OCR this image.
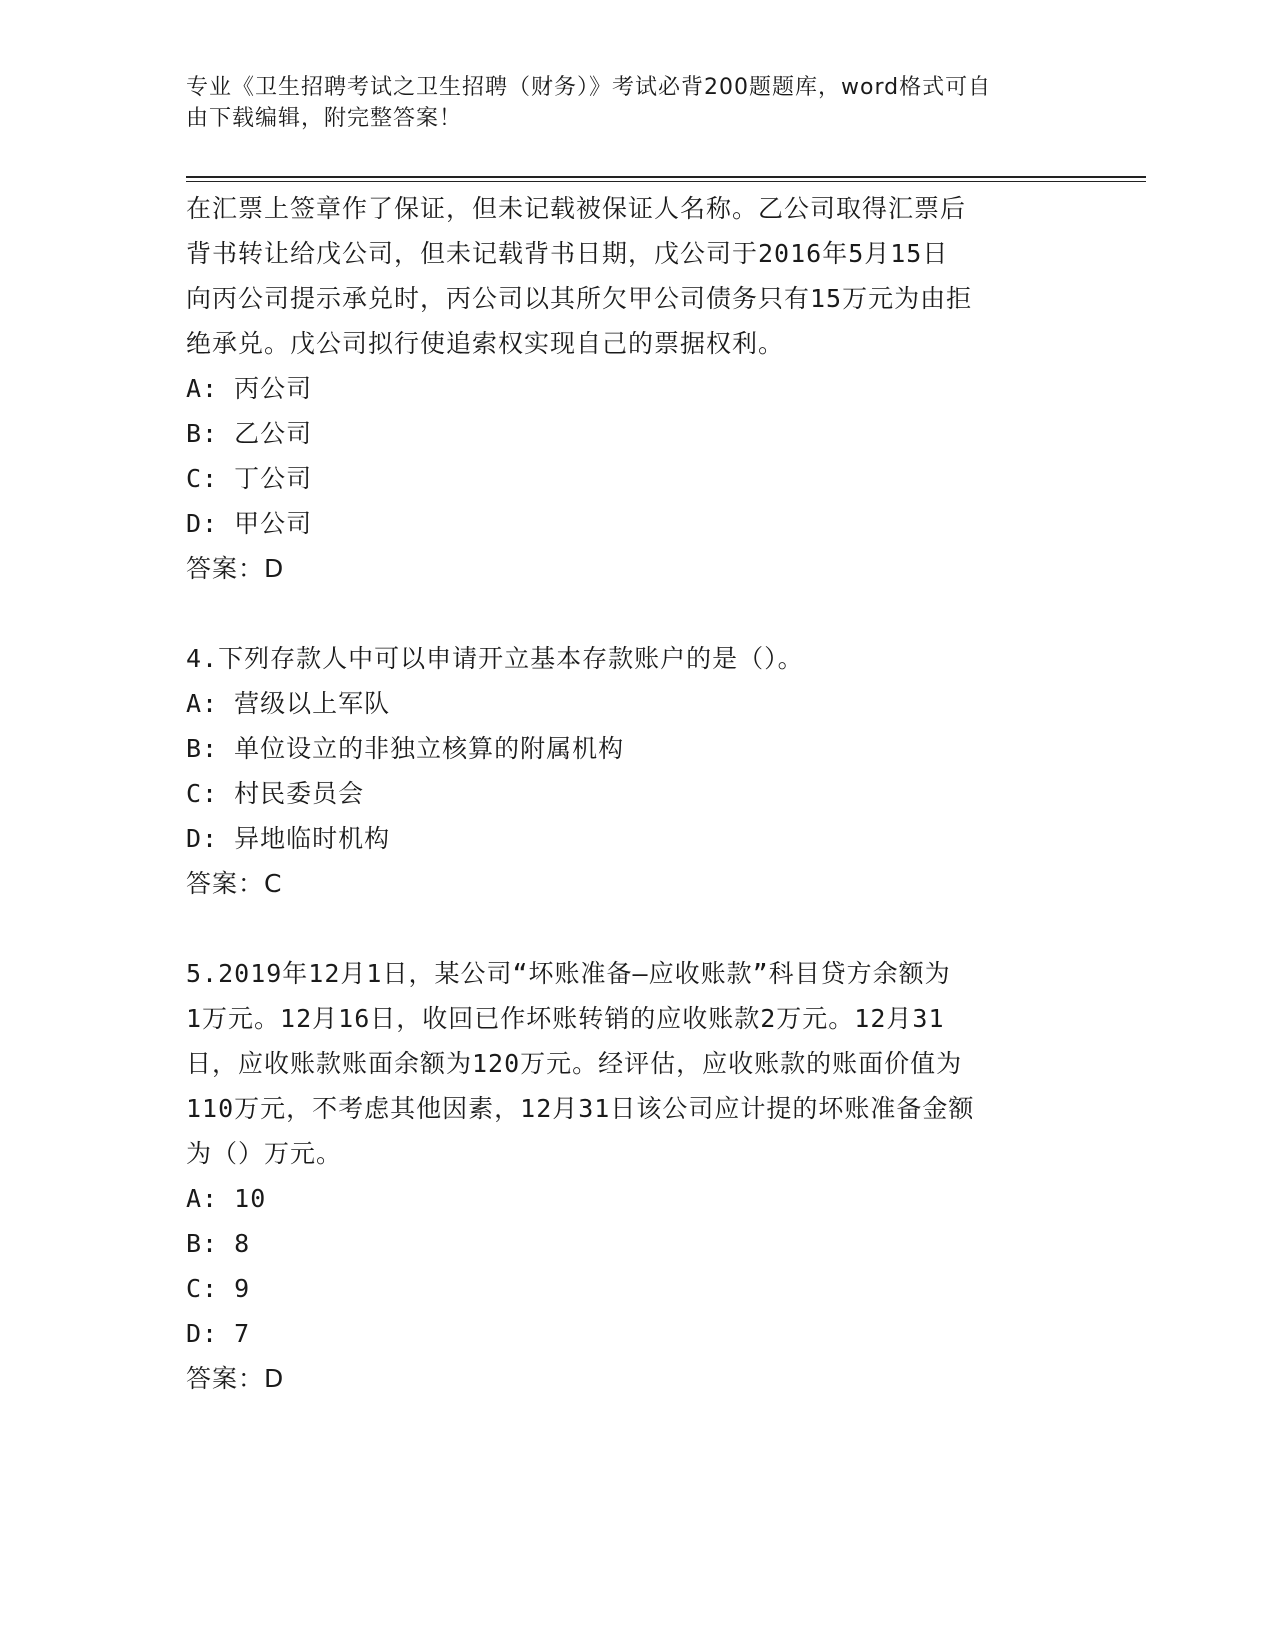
专业《卫生招聘考试之卫生招聘（财务）》考试必背200题题库，word格式可自
由下载编辑，附完整答案！
在汇票上签章作了保证，但未记载被保证人名称。乙公司取得汇票后
背书转让给戊公司，但未记载背书日期，戊公司于2016年5月15日
向丙公司提示承兑时，丙公司以其所欠甲公司债务只有15万元为由拒
绝承兑。戊公司拟行使追索权实现自己的票据权利。
A: 丙公司
B: 乙公司
C: 丁公司
D: 甲公司
答案：D
4.下列存款人中可以申请开立基本存款账户的是（）。
A: 营级以上军队
B: 单位设立的非独立核算的附属机构
C: 村民委员会
D: 异地临时机构
答案：C
5.2019年12月1日，某公司“坏账准备—应收账款”科目贷方余额为
1万元。12月16日，收回已作坏账转销的应收账款2万元。12月31
日，应收账款账面余额为120万元。经评估，应收账款的账面价值为
110万元，不考虑其他因素，12月31日该公司应计提的坏账准备金额
为（）万元。
A: 10
B: 8
C: 9
D: 7
答案：D
